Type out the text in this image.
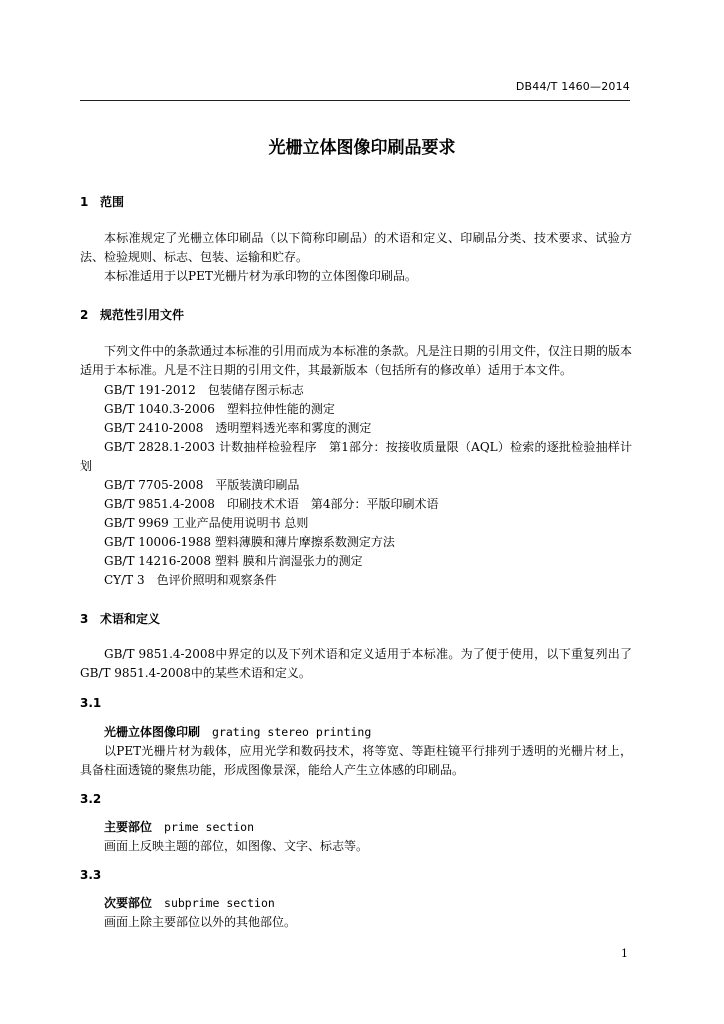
DB44/T 1460—2014
光栅立体图像印刷品要求
1 范围
本标准规定了光栅立体印刷品（以下简称印刷品）的术语和定义、印刷品分类、技术要求、试验方法、检验规则、标志、包装、运输和贮存。
本标准适用于以PET光栅片材为承印物的立体图像印刷品。
2 规范性引用文件
下列文件中的条款通过本标准的引用而成为本标准的条款。凡是注日期的引用文件，仅注日期的版本适用于本标准。凡是不注日期的引用文件，其最新版本（包括所有的修改单）适用于本文件。
GB/T 191-2012　包装储存图示标志
GB/T 1040.3-2006　塑料拉伸性能的测定
GB/T 2410-2008　透明塑料透光率和雾度的测定
GB/T 2828.1-2003 计数抽样检验程序　第1部分：按接收质量限（AQL）检索的逐批检验抽样计划
GB/T 7705-2008　平版装潢印刷品
GB/T 9851.4-2008　印刷技术术语　第4部分：平版印刷术语
GB/T 9969 工业产品使用说明书 总则
GB/T 10006-1988 塑料薄膜和薄片摩擦系数测定方法
GB/T 14216-2008 塑料 膜和片润湿张力的测定
CY/T 3　色评价照明和观察条件
3 术语和定义
GB/T 9851.4-2008中界定的以及下列术语和定义适用于本标准。为了便于使用，以下重复列出了GB/T 9851.4-2008中的某些术语和定义。
3.1
光栅立体图像印刷 grating stereo printing
以PET光栅片材为载体，应用光学和数码技术，将等宽、等距柱镜平行排列于透明的光栅片材上，具备柱面透镜的聚焦功能，形成图像景深，能给人产生立体感的印刷品。
3.2
主要部位 prime section
画面上反映主题的部位，如图像、文字、标志等。
3.3
次要部位 subprime section
画面上除主要部位以外的其他部位。
1
